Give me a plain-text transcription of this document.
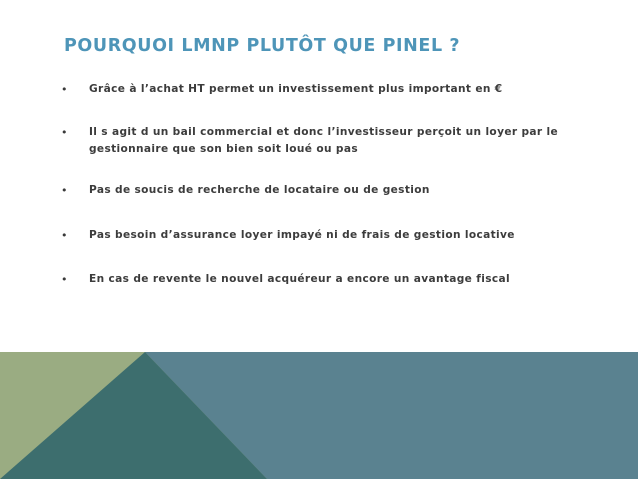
POURQUOI LMNP PLUTÔT QUE PINEL ?
• Grâce à l’achat HT permet un investissement plus important en €
• Il s agit d un bail commercial et donc l’investisseur perçoit un loyer par le gestionnaire que son bien soit loué ou pas
• Pas de soucis de recherche de locataire ou de gestion
• Pas besoin d’assurance loyer impayé ni de frais de gestion locative
• En cas de revente le nouvel acquéreur a encore un avantage fiscal
